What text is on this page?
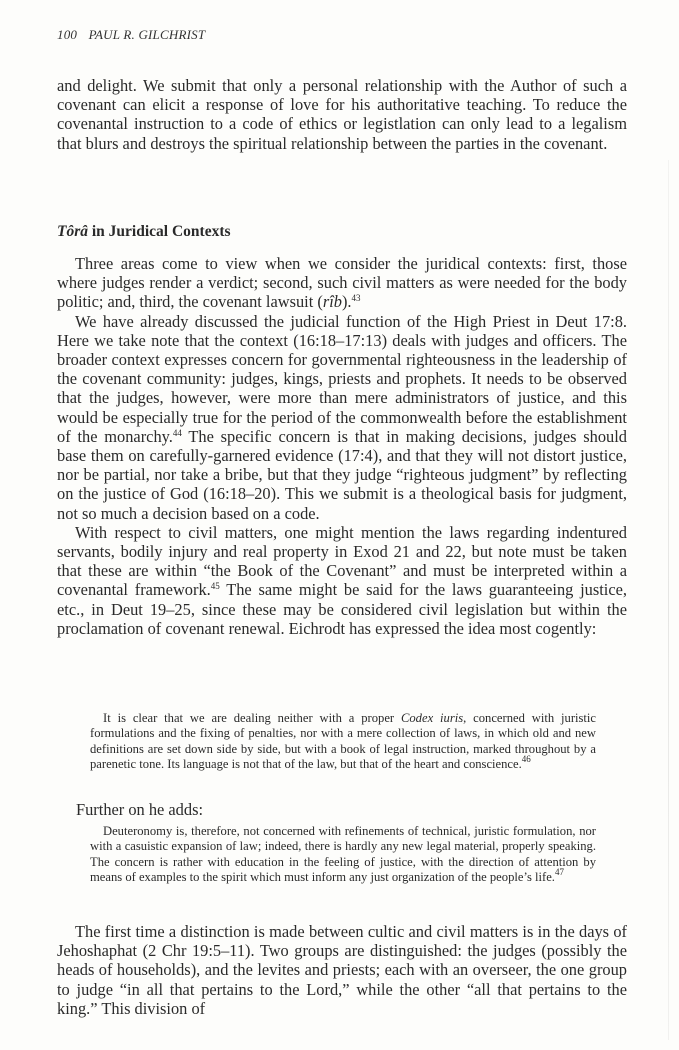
100 PAUL R. GILCHRIST

and delight. We submit that only a personal relationship with the Author of such a covenant can elicit a response of love for his authoritative teaching. To reduce the covenantal instruction to a code of ethics or legistlation can only lead to a legalism that blurs and destroys the spiritual relationship between the parties in the covenant.

Tôrâ in Juridical Contexts

Three areas come to view when we consider the juridical contexts: first, those where judges render a verdict; second, such civil matters as were needed for the body politic; and, third, the covenant lawsuit (rîb).$^{43}$

We have already discussed the judicial function of the High Priest in Deut 17:8. Here we take note that the context (16:18–17:13) deals with judges and officers. The broader context expresses concern for governmental righteousness in the leadership of the covenant community: judges, kings, priests and prophets. It needs to be observed that the judges, however, were more than mere administrators of justice, and this would be especially true for the period of the commonwealth before the establishment of the monarchy.$^{44}$ The specific concern is that in making decisions, judges should base them on carefully-garnered evidence (17:4), and that they will not distort justice, nor be partial, nor take a bribe, but that they judge “righteous judgment” by reflecting on the justice of God (16:18–20). This we submit is a theological basis for judgment, not so much a decision based on a code.

With respect to civil matters, one might mention the laws regarding indentured servants, bodily injury and real property in Exod 21 and 22, but note must be taken that these are within “the Book of the Covenant” and must be interpreted within a covenantal framework.$^{45}$ The same might be said for the laws guaranteeing justice, etc., in Deut 19–25, since these may be considered civil legislation but within the proclamation of covenant renewal. Eichrodt has expressed the idea most cogently:

It is clear that we are dealing neither with a proper Codex iuris, concerned with juristic formulations and the fixing of penalties, nor with a mere collection of laws, in which old and new definitions are set down side by side, but with a book of legal instruction, marked throughout by a parenetic tone. Its language is not that of the law, but that of the heart and conscience.$^{46}$

Further on he adds:

Deuteronomy is, therefore, not concerned with refinements of technical, juristic formulation, nor with a casuistic expansion of law; indeed, there is hardly any new legal material, properly speaking. The concern is rather with education in the feeling of justice, with the direction of attention by means of examples to the spirit which must inform any just organization of the people’s life.$^{47}$

The first time a distinction is made between cultic and civil matters is in the days of Jehoshaphat (2 Chr 19:5–11). Two groups are distinguished: the judges (possibly the heads of households), and the levites and priests; each with an overseer, the one group to judge “in all that pertains to the Lord,” while the other “all that pertains to the king.” This division of
